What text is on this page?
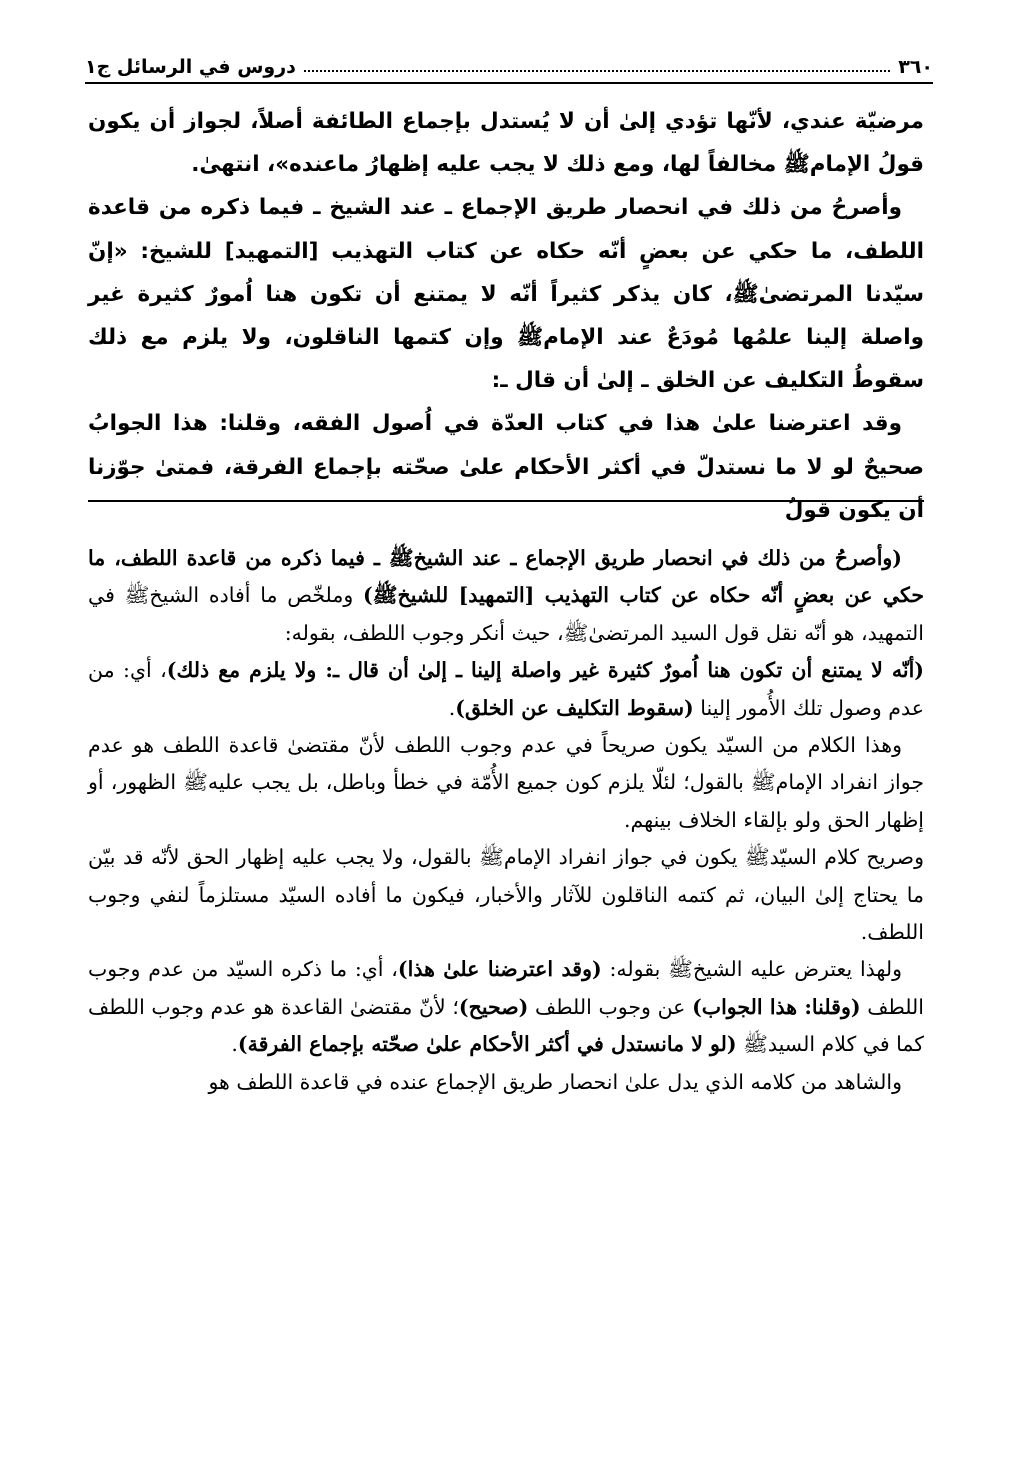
٣٦٠
دروس في الرسائل ج١

مرضيّة عندي، لأنّها تؤدي إلىٰ أن لا يُستدل بإجماع الطائفة أصلاً، لجواز أن يكون قولُ الإمامﷺ مخالفاً لها، ومع ذلك لا يجب عليه إظهارُ ماعنده»، انتهىٰ.

وأصرحُ من ذلك في انحصار طريق الإجماع ـ عند الشيخ ـ فيما ذكره من قاعدة اللطف، ما حكي عن بعضٍ أنّه حكاه عن كتاب التهذيب [التمهيد] للشيخ: «إنّ سيّدنا المرتضىٰﷺ، كان يذكر كثيراً أنّه لا يمتنع أن تكون هنا اُمورٌ كثيرة غير واصلة إلينا علمُها مُودَعٌ عند الإمامﷺ وإن كتمها الناقلون، ولا يلزم مع ذلك سقوطُ التكليف عن الخلق ـ إلىٰ أن قال ـ:

وقد اعترضنا علىٰ هذا في كتاب العدّة في اُصول الفقه، وقلنا: هذا الجوابُ صحيحٌ لو لا ما نستدلّ في أكثر الأحكام علىٰ صحّته بإجماع الفرقة، فمتىٰ جوّزنا أن يكون قولُ

(وأصرحُ من ذلك في انحصار طريق الإجماع ـ عند الشيخﷺ ـ فيما ذكره من قاعدة اللطف، ما حكي عن بعضٍ أنّه حكاه عن كتاب التهذيب [التمهيد] للشيخﷺ) وملخّص ما أفاده الشيخﷺ في التمهيد، هو أنّه نقل قول السيد المرتضىٰﷺ، حيث أنكر وجوب اللطف، بقوله:

(أنّه لا يمتنع أن تكون هنا اُمورٌ كثيرة غير واصلة إلينا ـ إلىٰ أن قال ـ: ولا يلزم مع ذلك)، أي: من عدم وصول تلك الأُمور إلينا (سقوط التكليف عن الخلق).

وهذا الكلام من السيّد يكون صريحاً في عدم وجوب اللطف لأنّ مقتضىٰ قاعدة اللطف هو عدم جواز انفراد الإمامﷺ بالقول؛ لئلّا يلزم كون جميع الأُمّة في خطأ وباطل، بل يجب عليهﷺ الظهور، أو إظهار الحق ولو بإلقاء الخلاف بينهم.

وصريح كلام السيّدﷺ يكون في جواز انفراد الإمامﷺ بالقول، ولا يجب عليه إظهار الحق لأنّه قد بيّن ما يحتاج إلىٰ البيان، ثم كتمه الناقلون للآثار والأخبار، فيكون ما أفاده السيّد مستلزماً لنفي وجوب اللطف.

ولهذا يعترض عليه الشيخﷺ بقوله: (وقد اعترضنا علىٰ هذا)، أي: ما ذكره السيّد من عدم وجوب اللطف (وقلنا: هذا الجواب) عن وجوب اللطف (صحيح)؛ لأنّ مقتضىٰ القاعدة هو عدم وجوب اللطف كما في كلام السيدﷺ (لو لا مانستدل في أكثر الأحكام علىٰ صحّته بإجماع الفرقة).

والشاهد من كلامه الذي يدل علىٰ انحصار طريق الإجماع عنده في قاعدة اللطف هو
